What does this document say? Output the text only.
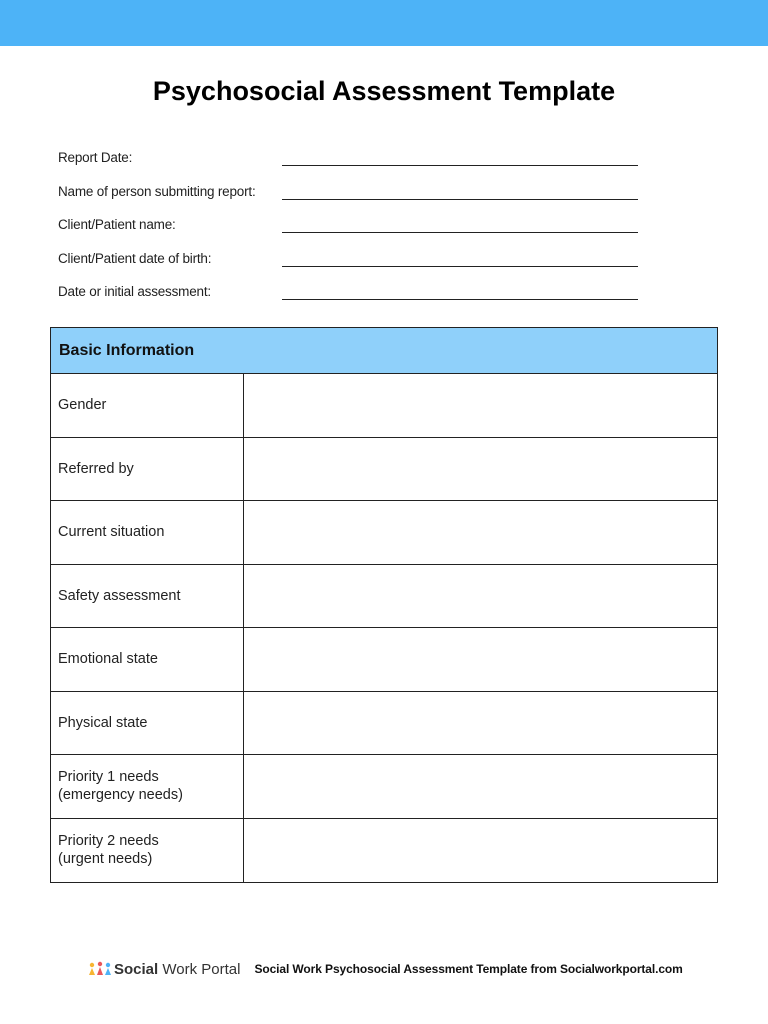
Psychosocial Assessment Template
Report Date:
Name of person submitting report:
Client/Patient name:
Client/Patient date of birth:
Date or initial assessment:
Basic Information
Gender
Referred by
Current situation
Safety assessment
Emotional state
Physical state
Priority 1 needs
(emergency needs)
Priority 2 needs
(urgent needs)
Social Work Portal Social Work Psychosocial Assessment Template from Socialworkportal.com
